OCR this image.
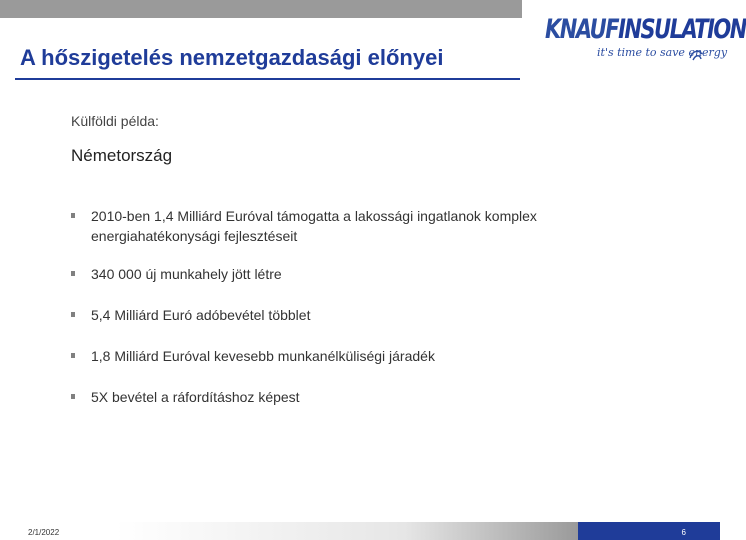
A hőszigetelés nemzetgazdasági előnyei
KNAUFINSULATION
it's time to save energy
Külföldi példa:
Németország
2010-ben 1,4 Milliárd Euróval támogatta a lakossági ingatlanok komplex energiahatékonysági fejlesztéseit
340 000 új munkahely jött létre
5,4 Milliárd Euró adóbevétel többlet
1,8 Milliárd Euróval kevesebb munkanélküliségi járadék
5X bevétel a ráfordításhoz képest
2/1/2022	6
